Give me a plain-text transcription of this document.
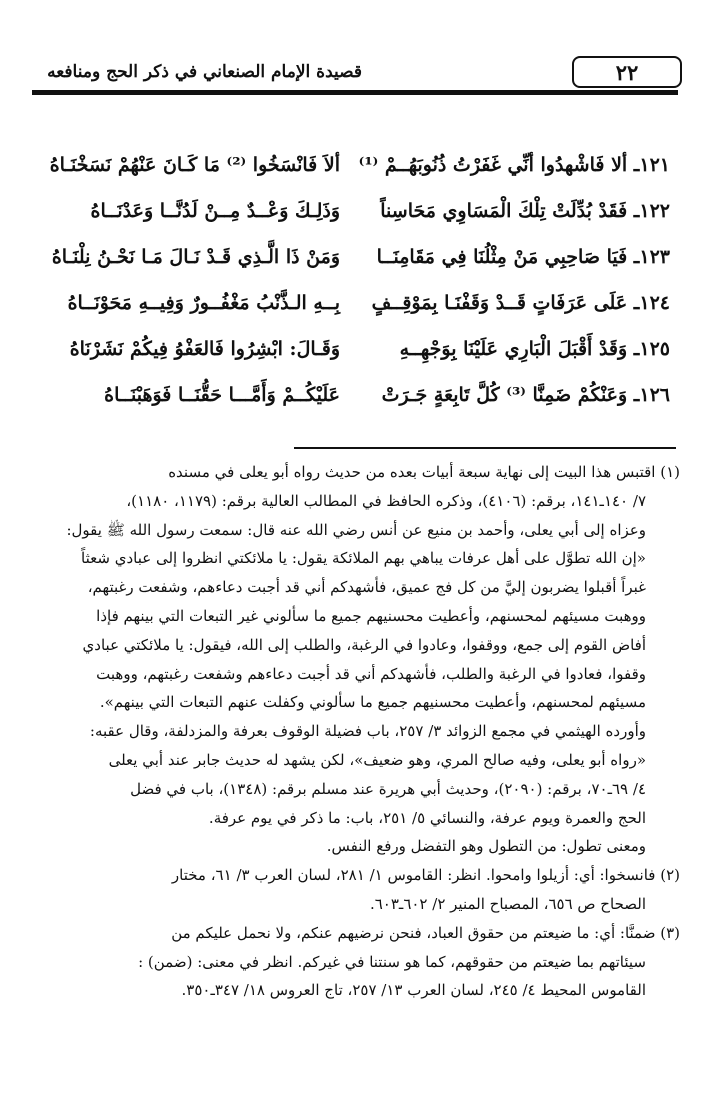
٢٢
قصيدة الإمام الصنعاني في ذكر الحج ومنافعه
١٢١ـ ألا فَاشْهدُوا أنِّي غَفَرْتُ ذُنُوبَهُــمْ ⁽¹⁾
ألاَ فَانْسَخُوا ⁽²⁾ مَا كَـانَ عَنْهُمْ نَسَخْنَـاهُ
١٢٢ـ فَقَدْ بُدِّلَتْ تِلْكَ الْمَسَاوِي مَحَاسِناً
وَذَلِـكَ وَعْــدٌ مِــنْ لَدُنَّــا وَعَدْنَــاهُ
١٢٣ـ فَيَا صَاحِبِي مَنْ مِثْلُنَا فِي مَقَامِنَــا
وَمَنْ ذَا الَّـذِي قَـدْ نَـالَ مَـا نَحْـنُ نِلْنَـاهُ
١٢٤ـ عَلَى عَرَفَاتٍ قَــدْ وَقَفْنَـا بِمَوْقِــفٍ
بِــهِ الـذَّنْبُ مَغْفُــورٌ وَفِيــهِ مَحَوْنَــاهُ
١٢٥ـ وَقَدْ أَقْبَلَ الْبَارِي عَلَيْنَا بِوَجْهِــهِ
وَقَـالَ: ابْشِرُوا فَالعَفْوُ فِيكُمْ نَشَرْنَاهُ
١٢٦ـ وَعَنْكُمْ ضَمِنَّا ⁽³⁾ كُلَّ تَابِعَةٍ جَـرَتْ
عَلَيْكُــمْ وَأَمَّـــا حَقُّنَــا فَوَهَبْنَــاهُ

(١) اقتبس هذا البيت إلى نهاية سبعة أبيات بعده من حديث رواه أبو يعلى في مسنده

٧/ ١٤٠ـ١٤١، برقم: (٤١٠٦)، وذكره الحافظ في المطالب العالية برقم: (١١٧٩، ١١٨٠)،

وعزاه إلى أبي يعلى، وأحمد بن منيع عن أنس رضي الله عنه قال: سمعت رسول الله ﷺ يقول:

«إن الله تطوَّل على أهل عرفات يباهي بهم الملائكة يقول: يا ملائكتي انظروا إلى عبادي شعثاً

غبراً أقبلوا يضربون إليَّ من كل فج عميق، فأشهدكم أني قد أجبت دعاءهم، وشفعت رغبتهم،

ووهبت مسيئهم لمحسنهم، وأعطيت محسنيهم جميع ما سألوني غير التبعات التي بينهم فإذا

أفاض القوم إلى جمع، ووقفوا، وعادوا في الرغبة، والطلب إلى الله، فيقول: يا ملائكتي عبادي

وقفوا، فعادوا في الرغبة والطلب، فأشهدكم أني قد أجبت دعاءهم وشفعت رغبتهم، ووهبت

مسيئهم لمحسنهم، وأعطيت محسنيهم جميع ما سألوني وكفلت عنهم التبعات التي بينهم».

وأورده الهيثمي في مجمع الزوائد ٣/ ٢٥٧، باب فضيلة الوقوف بعرفة والمزدلفة، وقال عقبه:

«رواه أبو يعلى، وفيه صالح المري، وهو ضعيف»، لكن يشهد له حديث جابر عند أبي يعلى

٤/ ٦٩ـ٧٠، برقم: (٢٠٩٠)، وحديث أبي هريرة عند مسلم برقم: (١٣٤٨)، باب في فضل

الحج والعمرة ويوم عرفة، والنسائي ٥/ ٢٥١، باب: ما ذكر في يوم عرفة.

ومعنى تطول: من التطول وهو التفضل ورفع النفس.

(٢) فانسخوا: أي: أزيلوا وامحوا. انظر: القاموس ١/ ٢٨١، لسان العرب ٣/ ٦١، مختار

الصحاح ص ٦٥٦، المصباح المنير ٢/ ٦٠٢ـ٦٠٣.

(٣) ضمنَّا: أي: ما ضيعتم من حقوق العباد، فنحن نرضيهم عنكم، ولا نحمل عليكم من

سيئاتهم بما ضيعتم من حقوقهم، كما هو سنتنا في غيركم. انظر في معنى: (ضمن) :

القاموس المحيط ٤/ ٢٤٥، لسان العرب ١٣/ ٢٥٧، تاج العروس ١٨/ ٣٤٧ـ٣٥٠.
